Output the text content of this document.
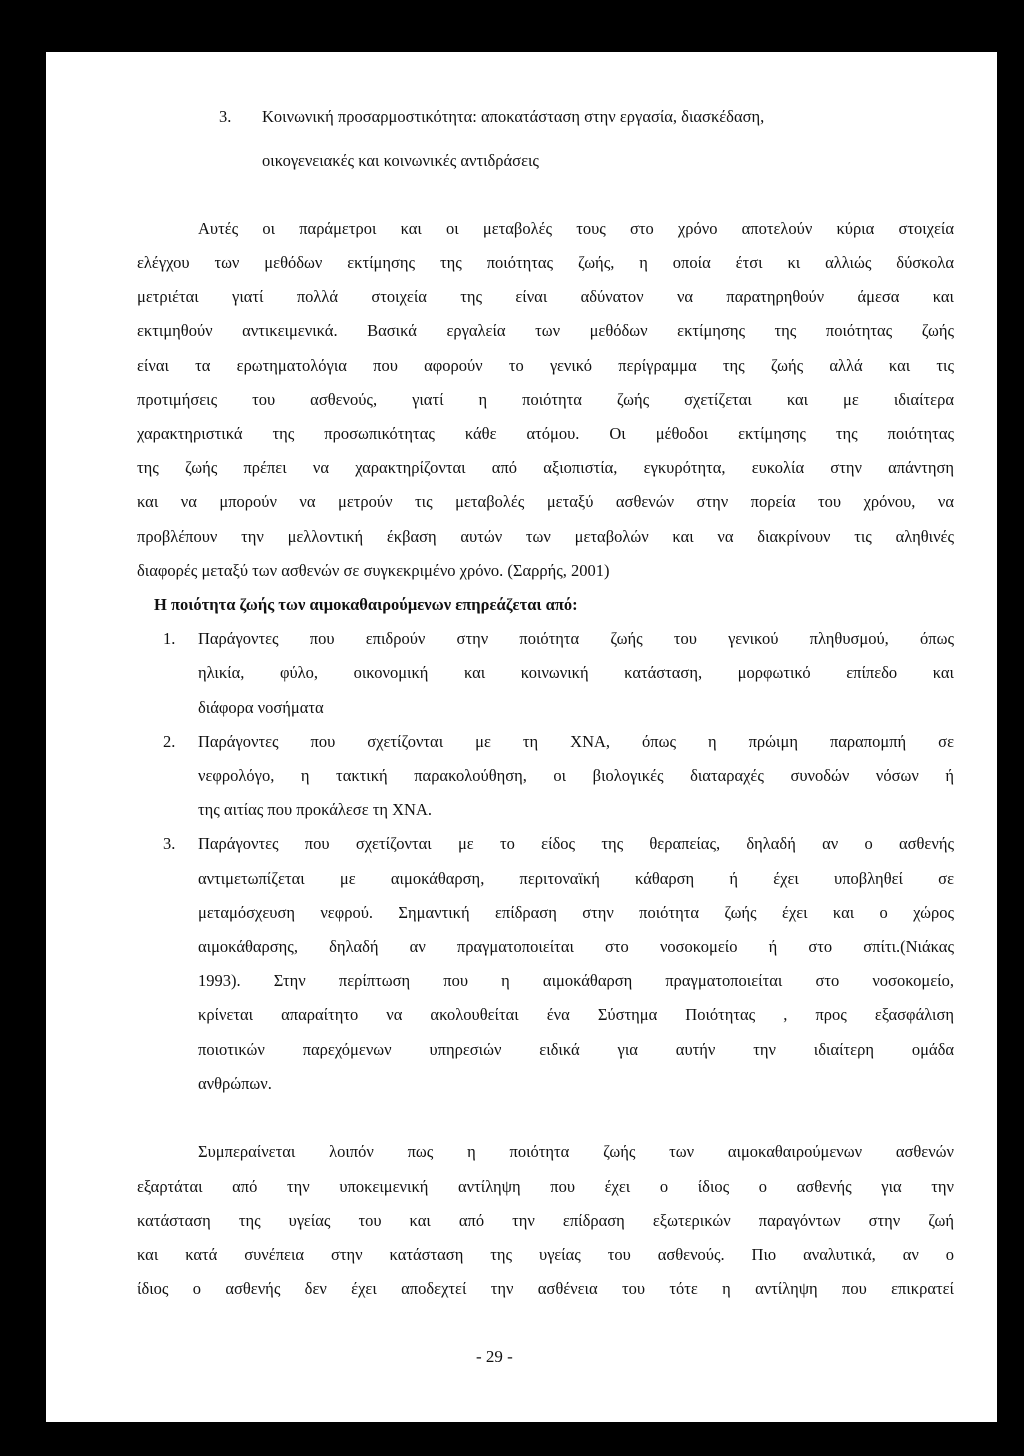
3. Κοινωνική προσαρμοστικότητα: αποκατάσταση στην εργασία, διασκέδαση,
οικογενειακές και κοινωνικές αντιδράσεις
Αυτές οι παράμετροι και οι μεταβολές τους στο χρόνο αποτελούν κύρια στοιχεία
ελέγχου των μεθόδων εκτίμησης της ποιότητας ζωής, η οποία έτσι κι αλλιώς δύσκολα
μετριέται γιατί πολλά στοιχεία της είναι αδύνατον να παρατηρηθούν άμεσα και
εκτιμηθούν αντικειμενικά. Βασικά εργαλεία των μεθόδων εκτίμησης της ποιότητας ζωής
είναι τα ερωτηματολόγια που αφορούν το γενικό περίγραμμα της ζωής αλλά και τις
προτιμήσεις του ασθενούς, γιατί η ποιότητα ζωής σχετίζεται και με ιδιαίτερα
χαρακτηριστικά της προσωπικότητας κάθε ατόμου. Οι μέθοδοι εκτίμησης της ποιότητας
της ζωής πρέπει να χαρακτηρίζονται από αξιοπιστία, εγκυρότητα, ευκολία στην απάντηση
και να μπορούν να μετρούν τις μεταβολές μεταξύ ασθενών στην πορεία του χρόνου, να
προβλέπουν την μελλοντική έκβαση αυτών των μεταβολών και να διακρίνουν τις αληθινές
διαφορές μεταξύ των ασθενών σε συγκεκριμένο χρόνο. (Σαρρής, 2001)
Η ποιότητα ζωής των αιμοκαθαιρούμενων επηρεάζεται από:
1. Παράγοντες που επιδρούν στην ποιότητα ζωής του γενικού πληθυσμού, όπως
ηλικία, φύλο, οικονομική και κοινωνική κατάσταση, μορφωτικό επίπεδο και
διάφορα νοσήματα
2. Παράγοντες που σχετίζονται με τη ΧΝΑ, όπως η πρώιμη παραπομπή σε
νεφρολόγο, η τακτική παρακολούθηση, οι βιολογικές διαταραχές συνοδών νόσων ή
της αιτίας που προκάλεσε τη ΧΝΑ.
3. Παράγοντες που σχετίζονται με το είδος της θεραπείας, δηλαδή αν ο ασθενής
αντιμετωπίζεται με αιμοκάθαρση, περιτοναϊκή κάθαρση ή έχει υποβληθεί σε
μεταμόσχευση νεφρού. Σημαντική επίδραση στην ποιότητα ζωής έχει και ο χώρος
αιμοκάθαρσης, δηλαδή αν πραγματοποιείται στο νοσοκομείο ή στο σπίτι.(Νιάκας
1993). Στην περίπτωση που η αιμοκάθαρση πραγματοποιείται στο νοσοκομείο,
κρίνεται απαραίτητο να ακολουθείται ένα Σύστημα Ποιότητας , προς εξασφάλιση
ποιοτικών παρεχόμενων υπηρεσιών ειδικά για αυτήν την ιδιαίτερη ομάδα
ανθρώπων.
Συμπεραίνεται λοιπόν πως η ποιότητα ζωής των αιμοκαθαιρούμενων ασθενών
εξαρτάται από την υποκειμενική αντίληψη που έχει ο ίδιος ο ασθενής για την
κατάσταση της υγείας του και από την επίδραση εξωτερικών παραγόντων στην ζωή
και κατά συνέπεια στην κατάσταση της υγείας του ασθενούς. Πιο αναλυτικά, αν ο
ίδιος ο ασθενής δεν έχει αποδεχτεί την ασθένεια του τότε η αντίληψη που επικρατεί
- 29 -
